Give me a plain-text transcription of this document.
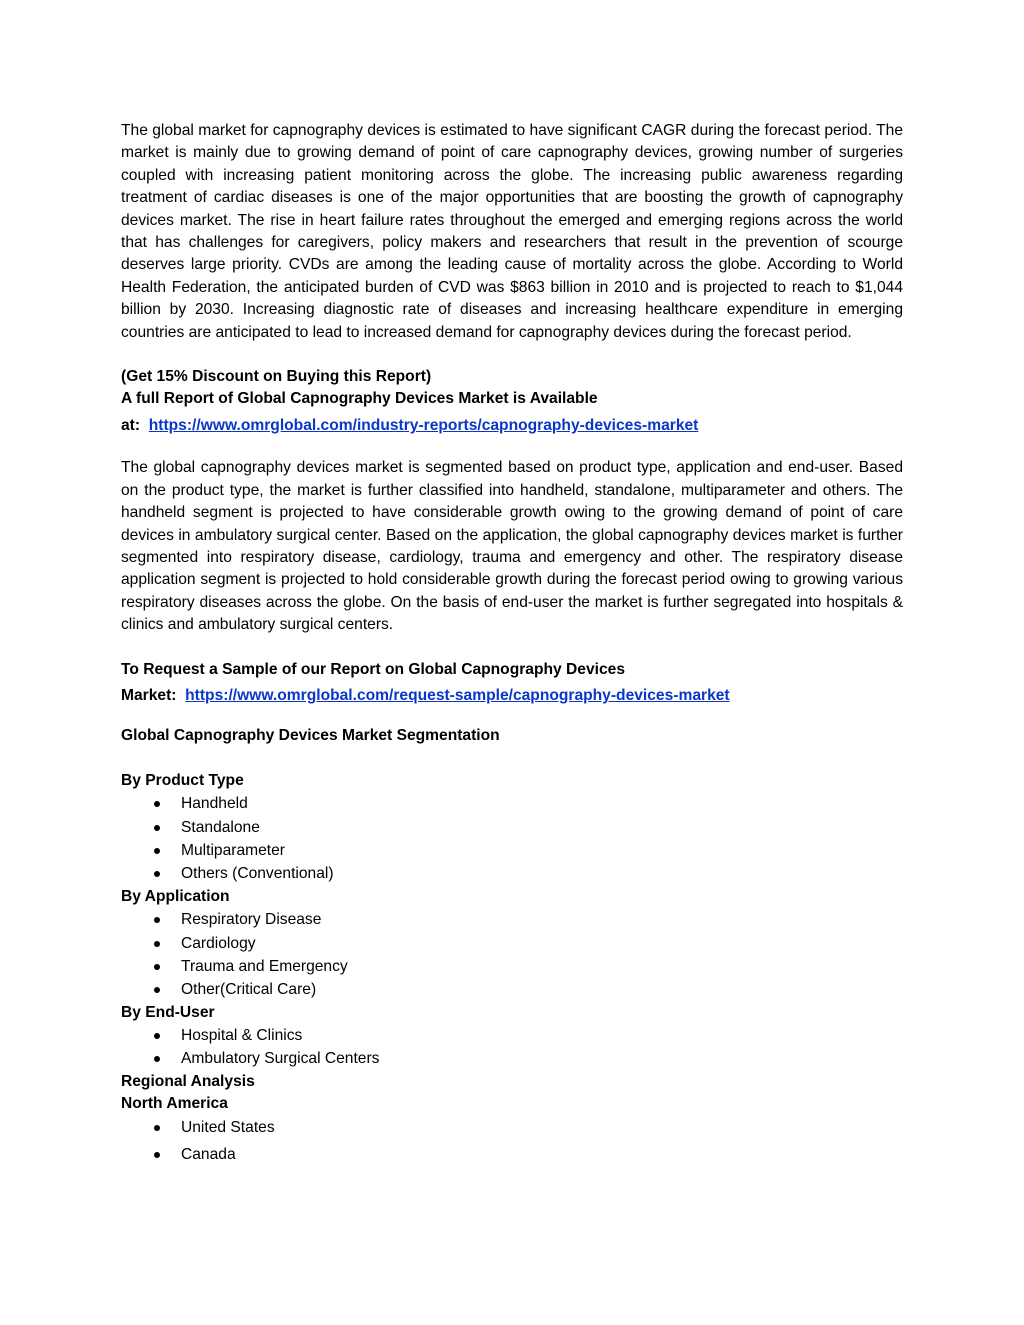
The global market for capnography devices is estimated to have significant CAGR during the forecast period. The market is mainly due to growing demand of point of care capnography devices, growing number of surgeries coupled with increasing patient monitoring across the globe. The increasing public awareness regarding treatment of cardiac diseases is one of the major opportunities that are boosting the growth of capnography devices market. The rise in heart failure rates throughout the emerged and emerging regions across the world that has challenges for caregivers, policy makers and researchers that result in the prevention of scourge deserves large priority. CVDs are among the leading cause of mortality across the globe. According to World Health Federation, the anticipated burden of CVD was $863 billion in 2010 and is projected to reach to $1,044 billion by 2030. Increasing diagnostic rate of diseases and increasing healthcare expenditure in emerging countries are anticipated to lead to increased demand for capnography devices during the forecast period.

(Get 15% Discount on Buying this Report)
A full Report of Global Capnography Devices Market is Available
at: https://www.omrglobal.com/industry-reports/capnography-devices-market

The global capnography devices market is segmented based on product type, application and end-user. Based on the product type, the market is further classified into handheld, standalone, multiparameter and others. The handheld segment is projected to have considerable growth owing to the growing demand of point of care devices in ambulatory surgical center. Based on the application, the global capnography devices market is further segmented into respiratory disease, cardiology, trauma and emergency and other. The respiratory disease application segment is projected to hold considerable growth during the forecast period owing to growing various respiratory diseases across the globe. On the basis of end-user the market is further segregated into hospitals & clinics and ambulatory surgical centers.

To Request a Sample of our Report on Global Capnography Devices
Market: https://www.omrglobal.com/request-sample/capnography-devices-market

Global Capnography Devices Market Segmentation

By Product Type
Handheld
Standalone
Multiparameter
Others (Conventional)
By Application
Respiratory Disease
Cardiology
Trauma and Emergency
Other(Critical Care)
By End-User
Hospital & Clinics
Ambulatory Surgical Centers
Regional Analysis
North America
United States
Canada
